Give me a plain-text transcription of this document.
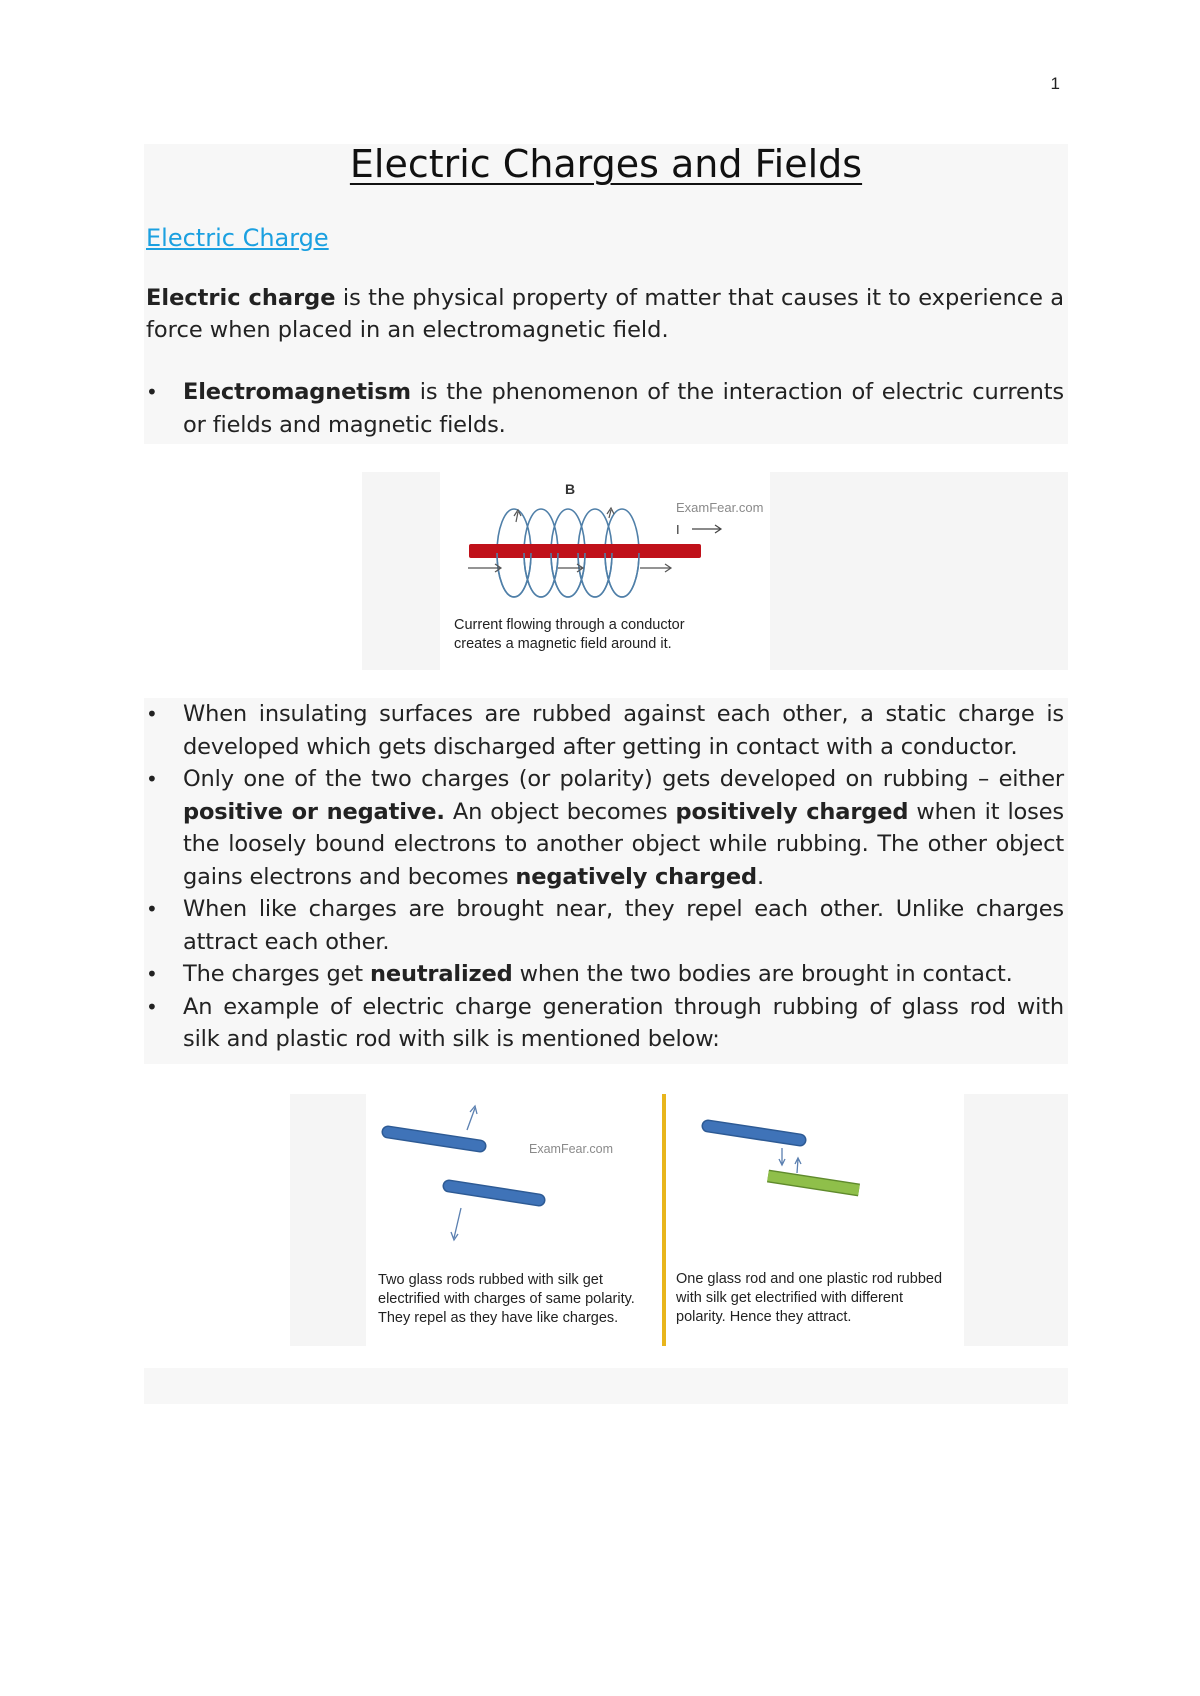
1
Electric Charges and Fields
Electric Charge

Electric charge is the physical property of matter that causes it to experience a force when placed in an electromagnetic field.

• Electromagnetism is the phenomenon of the interaction of electric currents or fields and magnetic fields.
B
ExamFear.com
I
Current flowing through a conductor
creates a magnetic field around it.
• When insulating surfaces are rubbed against each other, a static charge is developed which gets discharged after getting in contact with a conductor.
• Only one of the two charges (or polarity) gets developed on rubbing – either positive or negative. An object becomes positively charged when it loses the loosely bound electrons to another object while rubbing. The other object gains electrons and becomes negatively charged.
• When like charges are brought near, they repel each other. Unlike charges attract each other.
• The charges get neutralized when the two bodies are brought in contact.
• An example of electric charge generation through rubbing of glass rod with silk and plastic rod with silk is mentioned below:
ExamFear.com
Two glass rods rubbed with silk get
electrified with charges of same polarity.
They repel as they have like charges.
One glass rod and one plastic rod rubbed
with silk get electrified with different
polarity. Hence they attract.
